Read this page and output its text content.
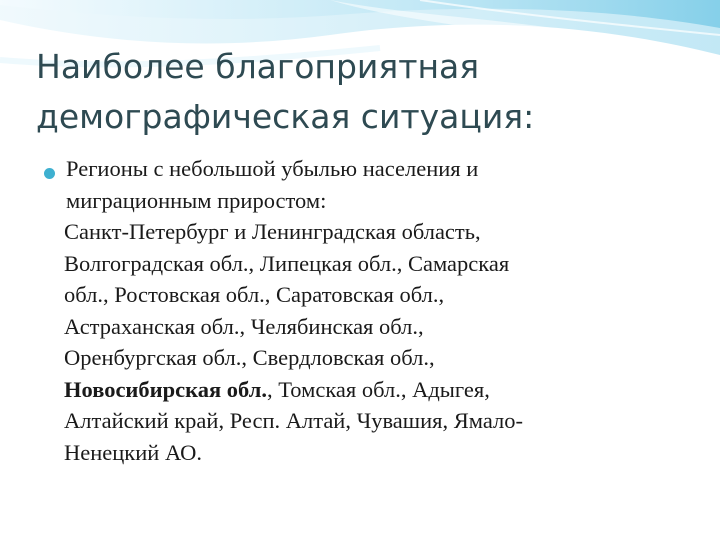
Наиболее благоприятная
демографическая ситуация:
Регионы с небольшой убылью населения и
миграционным приростом:
Санкт-Петербург и Ленинградская область,
Волгоградская обл., Липецкая обл., Самарская
обл., Ростовская обл., Саратовская обл.,
Астраханская обл., Челябинская обл.,
Оренбургская обл., Свердловская обл.,
Новосибирская обл., Томская обл., Адыгея,
Алтайский край, Респ. Алтай, Чувашия, Ямало-
Ненецкий АО.
